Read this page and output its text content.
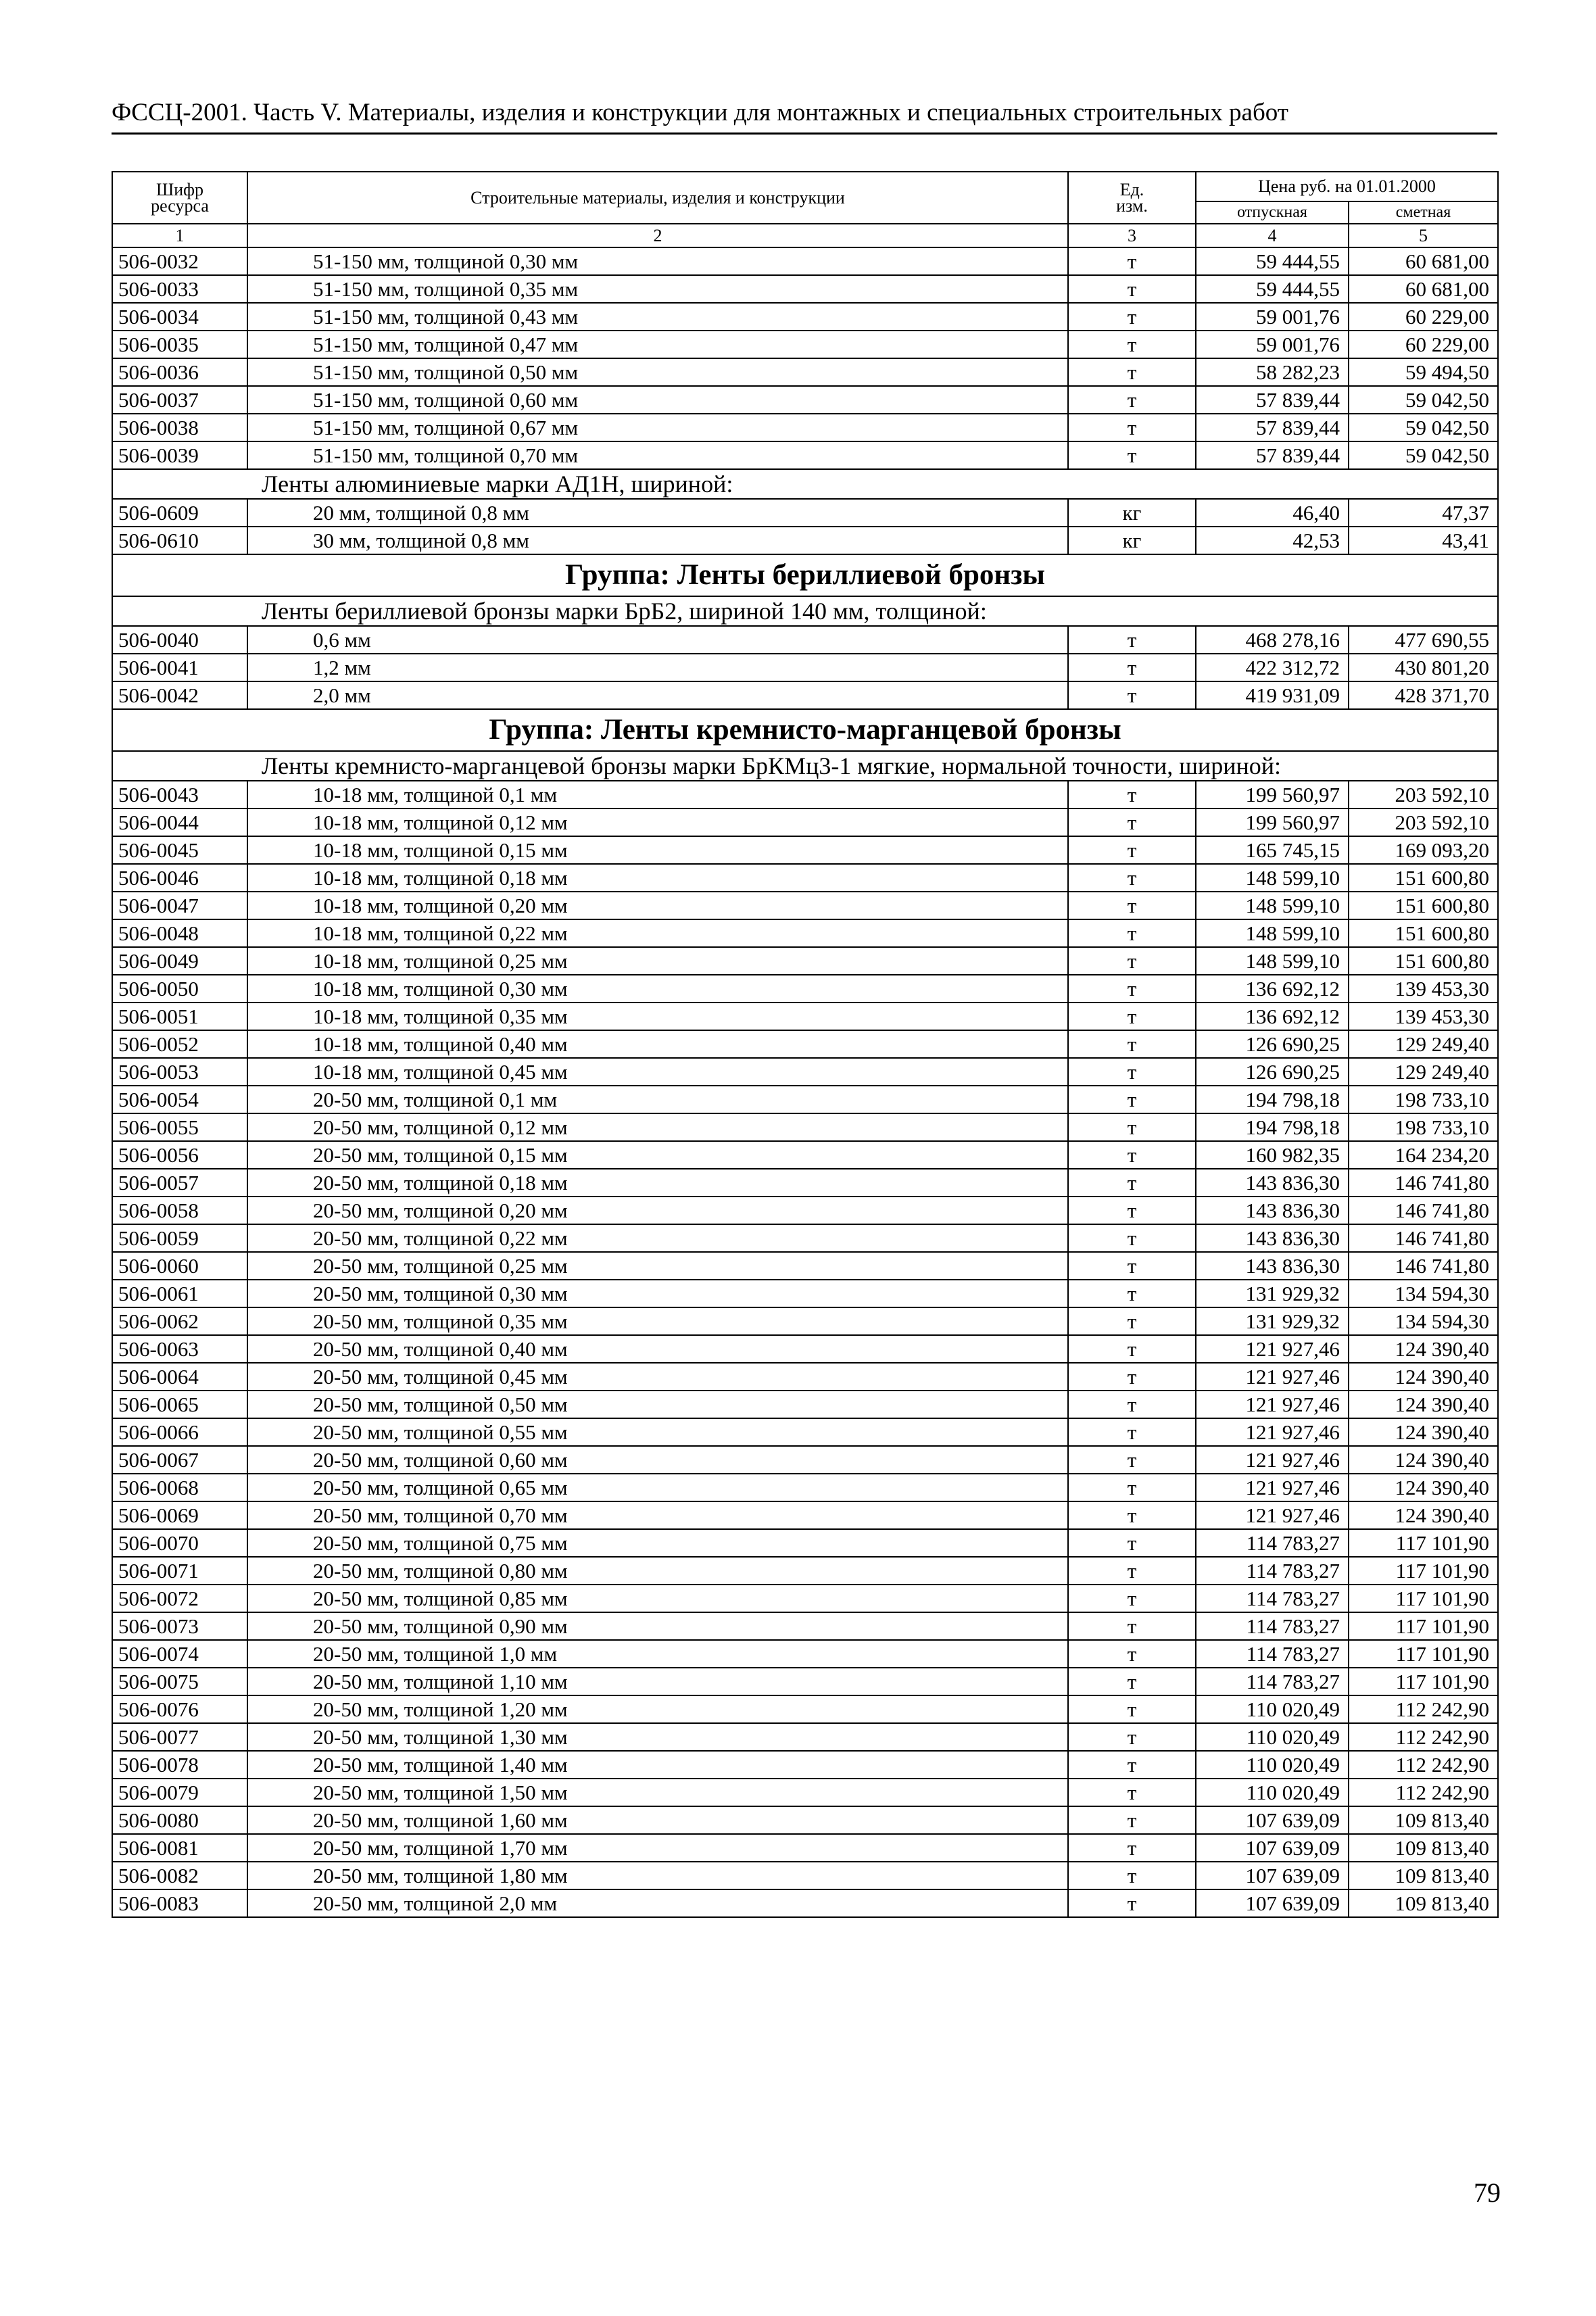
ФССЦ-2001. Часть V. Материалы, изделия и конструкции для монтажных и специальных строительных работ
Шифр
ресурса	Строительные материалы, изделия и конструкции	Ед.
изм.	Цена руб. на 01.01.2000	
			отпускная	сметная
1	2	3	4	5
506-0032	51-150 мм, толщиной 0,30 мм	т	59 444,55	60 681,00
506-0033	51-150 мм, толщиной 0,35 мм	т	59 444,55	60 681,00
506-0034	51-150 мм, толщиной 0,43 мм	т	59 001,76	60 229,00
506-0035	51-150 мм, толщиной 0,47 мм	т	59 001,76	60 229,00
506-0036	51-150 мм, толщиной 0,50 мм	т	58 282,23	59 494,50
506-0037	51-150 мм, толщиной 0,60 мм	т	57 839,44	59 042,50
506-0038	51-150 мм, толщиной 0,67 мм	т	57 839,44	59 042,50
506-0039	51-150 мм, толщиной 0,70 мм	т	57 839,44	59 042,50
Ленты алюминиевые марки АД1Н, шириной:				
506-0609	20 мм, толщиной 0,8 мм	кг	46,40	47,37
506-0610	30 мм, толщиной 0,8 мм	кг	42,53	43,41
Группа: Ленты бериллиевой бронзы				
Ленты бериллиевой бронзы марки БрБ2, шириной 140 мм, толщиной:				
506-0040	0,6 мм	т	468 278,16	477 690,55
506-0041	1,2 мм	т	422 312,72	430 801,20
506-0042	2,0 мм	т	419 931,09	428 371,70
Группа: Ленты кремнисто-марганцевой бронзы				
Ленты кремнисто-марганцевой бронзы марки БрКМц3-1 мягкие, нормальной точности, шириной:				
506-0043	10-18 мм, толщиной 0,1 мм	т	199 560,97	203 592,10
506-0044	10-18 мм, толщиной 0,12 мм	т	199 560,97	203 592,10
506-0045	10-18 мм, толщиной 0,15 мм	т	165 745,15	169 093,20
506-0046	10-18 мм, толщиной 0,18 мм	т	148 599,10	151 600,80
506-0047	10-18 мм, толщиной 0,20 мм	т	148 599,10	151 600,80
506-0048	10-18 мм, толщиной 0,22 мм	т	148 599,10	151 600,80
506-0049	10-18 мм, толщиной 0,25 мм	т	148 599,10	151 600,80
506-0050	10-18 мм, толщиной 0,30 мм	т	136 692,12	139 453,30
506-0051	10-18 мм, толщиной 0,35 мм	т	136 692,12	139 453,30
506-0052	10-18 мм, толщиной 0,40 мм	т	126 690,25	129 249,40
506-0053	10-18 мм, толщиной 0,45 мм	т	126 690,25	129 249,40
506-0054	20-50 мм, толщиной 0,1 мм	т	194 798,18	198 733,10
506-0055	20-50 мм, толщиной 0,12 мм	т	194 798,18	198 733,10
506-0056	20-50 мм, толщиной 0,15 мм	т	160 982,35	164 234,20
506-0057	20-50 мм, толщиной 0,18 мм	т	143 836,30	146 741,80
506-0058	20-50 мм, толщиной 0,20 мм	т	143 836,30	146 741,80
506-0059	20-50 мм, толщиной 0,22 мм	т	143 836,30	146 741,80
506-0060	20-50 мм, толщиной 0,25 мм	т	143 836,30	146 741,80
506-0061	20-50 мм, толщиной 0,30 мм	т	131 929,32	134 594,30
506-0062	20-50 мм, толщиной 0,35 мм	т	131 929,32	134 594,30
506-0063	20-50 мм, толщиной 0,40 мм	т	121 927,46	124 390,40
506-0064	20-50 мм, толщиной 0,45 мм	т	121 927,46	124 390,40
506-0065	20-50 мм, толщиной 0,50 мм	т	121 927,46	124 390,40
506-0066	20-50 мм, толщиной 0,55 мм	т	121 927,46	124 390,40
506-0067	20-50 мм, толщиной 0,60 мм	т	121 927,46	124 390,40
506-0068	20-50 мм, толщиной 0,65 мм	т	121 927,46	124 390,40
506-0069	20-50 мм, толщиной 0,70 мм	т	121 927,46	124 390,40
506-0070	20-50 мм, толщиной 0,75 мм	т	114 783,27	117 101,90
506-0071	20-50 мм, толщиной 0,80 мм	т	114 783,27	117 101,90
506-0072	20-50 мм, толщиной 0,85 мм	т	114 783,27	117 101,90
506-0073	20-50 мм, толщиной 0,90 мм	т	114 783,27	117 101,90
506-0074	20-50 мм, толщиной 1,0 мм	т	114 783,27	117 101,90
506-0075	20-50 мм, толщиной 1,10 мм	т	114 783,27	117 101,90
506-0076	20-50 мм, толщиной 1,20 мм	т	110 020,49	112 242,90
506-0077	20-50 мм, толщиной 1,30 мм	т	110 020,49	112 242,90
506-0078	20-50 мм, толщиной 1,40 мм	т	110 020,49	112 242,90
506-0079	20-50 мм, толщиной 1,50 мм	т	110 020,49	112 242,90
506-0080	20-50 мм, толщиной 1,60 мм	т	107 639,09	109 813,40
506-0081	20-50 мм, толщиной 1,70 мм	т	107 639,09	109 813,40
506-0082	20-50 мм, толщиной 1,80 мм	т	107 639,09	109 813,40
506-0083	20-50 мм, толщиной 2,0 мм	т	107 639,09	109 813,40
79
